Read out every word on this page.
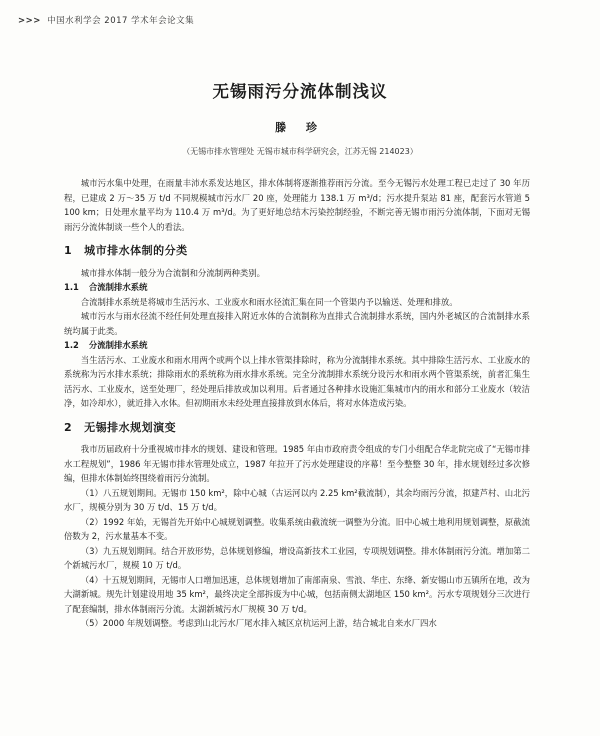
>>> 中国水利学会 2017 学术年会论文集
无锡雨污分流体制浅议
滕 珍
（无锡市排水管理处 无锡市城市科学研究会，江苏无锡 214023）

城市污水集中处理，在雨量丰沛水系发达地区，排水体制将逐渐推荐雨污分流。至今无锡污水处理工程已走过了 30 年历程，已建成 2 万～35 万 t/d 不同规模城市污水厂 20 座，处理能力 138.1 万 m³/d；污水提升泵站 81 座，配套污水管道 5 100 km；日处理水量平均为 110.4 万 m³/d。为了更好地总结木污染控制经验，不断完善无锡市雨污分流体制，下面对无锡雨污分流体制谈一些个人的看法。

1 城市排水体制的分类

城市排水体制一般分为合流制和分流制两种类别。

1.1 合流制排水系统

合流制排水系统是将城市生活污水、工业废水和雨水径流汇集在同一个管渠内予以输送、处理和排放。

城市污水与雨水径流不经任何处理直接排入附近水体的合流制称为直排式合流制排水系统，国内外老城区的合流制排水系统均属于此类。

1.2 分流制排水系统

当生活污水、工业废水和雨水用两个或两个以上排水管渠排除时，称为分流制排水系统。其中排除生活污水、工业废水的系统称为污水排水系统；排除雨水的系统称为雨水排水系统。完全分流制排水系统分设污水和雨水两个管渠系统，前者汇集生活污水、工业废水，送至处理厂，经处理后排放或加以利用。后者通过各种排水设施汇集城市内的雨水和部分工业废水（较洁净，如冷却水），就近排入水体。但初期雨水未经处理直接排放到水体后，将对水体造成污染。

2 无锡排水规划演变

我市历届政府十分重视城市排水的规划、建设和管理。1985 年由市政府责令组成的专门小组配合华北院完成了“无锡市排水工程规划”，1986 年无锡市排水管理处成立，1987 年拉开了污水处理建设的序幕！至今整整 30 年，排水规划经过多次修编，但排水体制始终围绕着雨污分流制。

（1）八五规划期间。无锡市 150 km²，除中心城（古运河以内 2.25 km²截流制），其余均雨污分流，拟建芦村、山北污水厂，规模分别为 30 万 t/d、15 万 t/d。

（2）1992 年始，无锡首先开始中心城规划调整。收集系统由截流统一调整为分流。旧中心城土地利用规划调整，原截流倍数为 2，污水量基本不变。

（3）九五规划期间。结合开放形势，总体规划修编，增设高新技术工业园，专项规划调整。排水体制雨污分流。增加第二个新城污水厂，规模 10 万 t/d。

（4）十五规划期间，无锡市人口增加迅速，总体规划增加了南部南泉、雪浪、华庄、东绛、新安锡山市五镇所在地，改为大湖新城。规先计划建设用地 35 km²，最终决定全部拆废为中心城，包括南侧太湖地区 150 km²。污水专项规划分三次进行了配套编制，排水体制雨污分流。太湖新城污水厂规模 30 万 t/d。

（5）2000 年规划调整。考虑到山北污水厂尾水排入城区京杭运河上游，结合城北自来水厂四水
